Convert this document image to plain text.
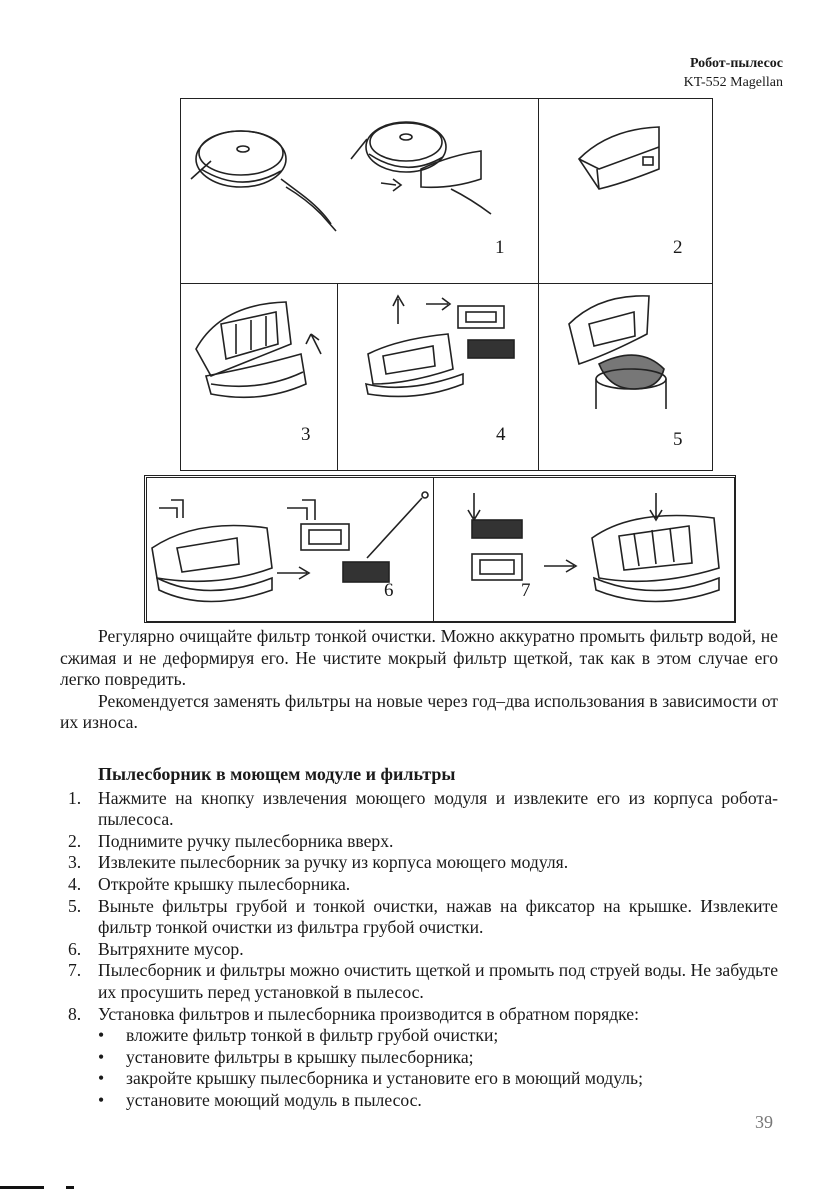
Робот-пылесос
KT-552 Magellan
1	2
3	4	5
6	7

Регулярно очищайте фильтр тонкой очистки. Можно аккуратно промыть фильтр водой, не сжимая и не деформируя его. Не чистите мокрый фильтр щеткой, так как в этом случае его легко повредить.

Рекомендуется заменять фильтры на новые через год–два использования в зависимости от их износа.

Пылесборник в моющем модуле и фильтры
1. Нажмите на кнопку извлечения моющего модуля и извлеките его из корпуса робота-пылесоса.
2. Поднимите ручку пылесборника вверх.
3. Извлеките пылесборник за ручку из корпуса моющего модуля.
4. Откройте крышку пылесборника.
5. Выньте фильтры грубой и тонкой очистки, нажав на фиксатор на крышке. Извлеките фильтр тонкой очистки из фильтра грубой очистки.
6. Вытряхните мусор.
7. Пылесборник и фильтры можно очистить щеткой и промыть под струей воды. Не забудьте их просушить перед установкой в пылесос.
8. Установка фильтров и пылесборника производится в обратном порядке:
• вложите фильтр тонкой в фильтр грубой очистки;
• установите фильтры в крышку пылесборника;
• закройте крышку пылесборника и установите его в моющий модуль;
• установите моющий модуль в пылесос.
39
